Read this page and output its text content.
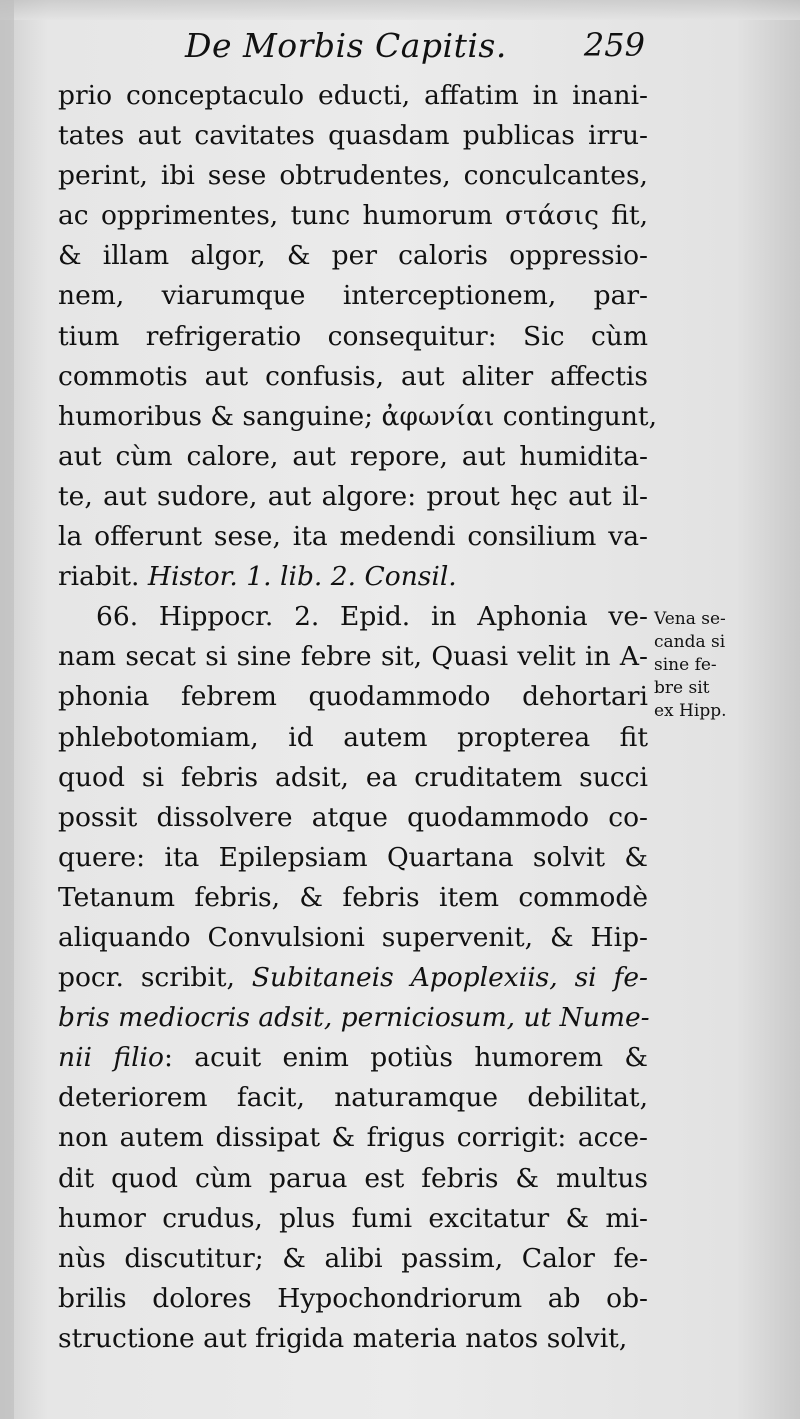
De Morbis Capitis. 259
prio conceptaculo educti, affatim in inani-
tates aut cavitates quasdam publicas irru-
perint, ibi sese obtrudentes, conculcantes,
ac opprimentes, tunc humorum στάσις fit,
& illam algor, & per caloris oppressio-
nem, viarumque interceptionem, par-
tium refrigeratio consequitur: Sic cùm
commotis aut confusis, aut aliter affectis
humoribus & sanguine; ἀφωνίαι contingunt,
aut cùm calore, aut repore, aut humidita-
te, aut sudore, aut algore: prout hęc aut il-
la offerunt sese, ita medendi consilium va-
riabit. Histor. 1. lib. 2. Consil.
66. Hippocr. 2. Epid. in Aphonia ve-
nam secat si sine febre sit, Quasi velit in A-
phonia febrem quodammodo dehortari
phlebotomiam, id autem propterea fit
quod si febris adsit, ea cruditatem succi
possit dissolvere atque quodammodo co-
quere: ita Epilepsiam Quartana solvit &
Tetanum febris, & febris item commodè
aliquando Convulsioni supervenit, & Hip-
pocr. scribit, Subitaneis Apoplexiis, si fe-
bris mediocris adsit, perniciosum, ut Nume-
nii filio: acuit enim potiùs humorem &
deteriorem facit, naturamque debilitat,
non autem dissipat & frigus corrigit: acce-
dit quod cùm parua est febris & multus
humor crudus, plus fumi excitatur & mi-
nùs discutitur; & alibi passim, Calor fe-
brilis dolores Hypochondriorum ab ob-
structione aut frigida materia natos solvit,
Vena se-
canda si
sine fe-
bre sit
ex Hipp.
